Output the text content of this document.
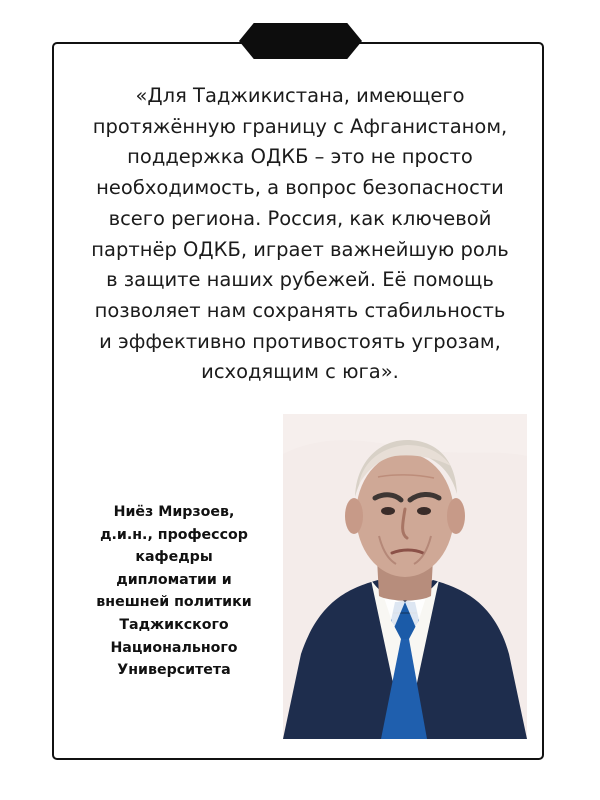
«Для Таджикистана, имеющего
протяжённую границу с Афганистаном,
поддержка ОДКБ – это не просто
необходимость, а вопрос безопасности
всего региона. Россия, как ключевой
партнёр ОДКБ, играет важнейшую роль
в защите наших рубежей. Её помощь
позволяет нам сохранять стабильность
и эффективно противостоять угрозам,
исходящим с юга».
Ниёз Мирзоев,
д.и.н., профессор
кафедры
дипломатии и
внешней политики
Таджикского
Национального
Университета
